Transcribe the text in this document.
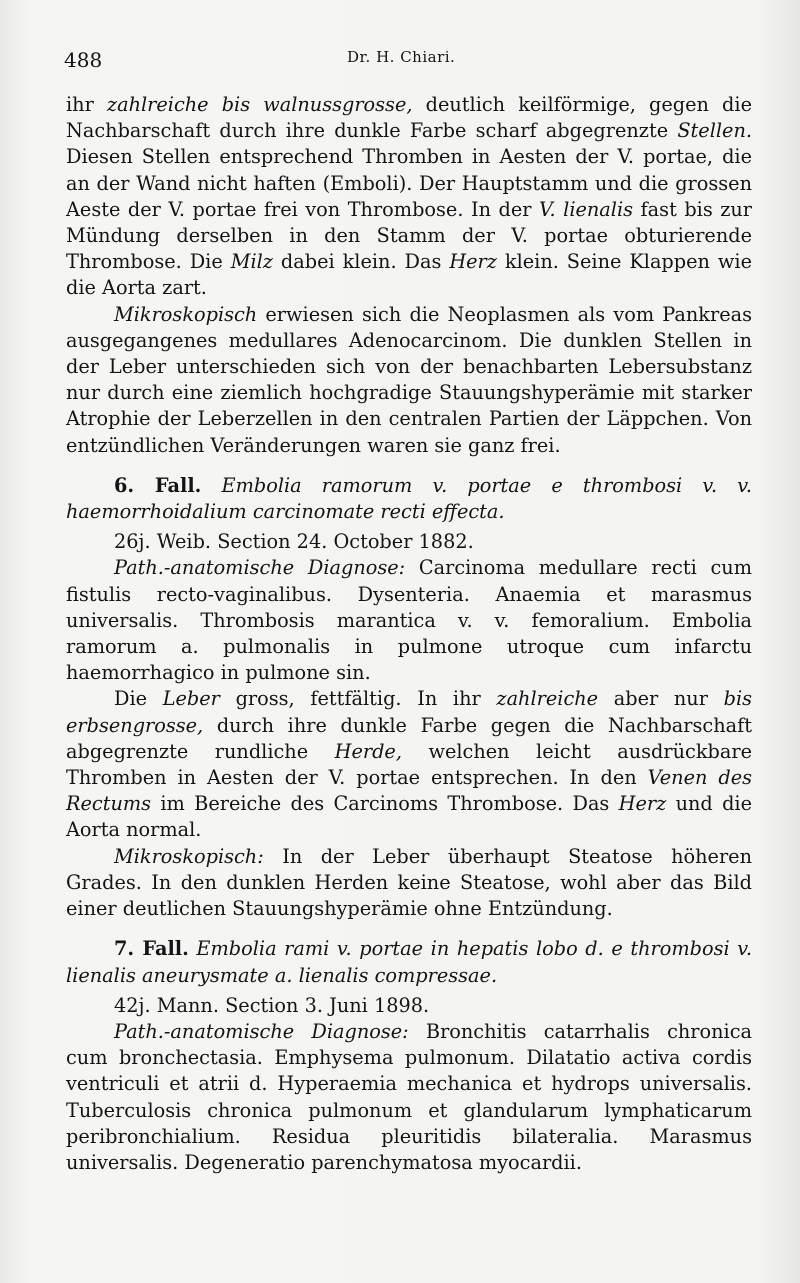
488	Dr. H. Chiari.

ihr zahlreiche bis walnussgrosse, deutlich keilförmige, gegen die Nachbarschaft durch ihre dunkle Farbe scharf abgegrenzte Stellen. Diesen Stellen entsprechend Thromben in Aesten der V. portae, die an der Wand nicht haften (Emboli). Der Hauptstamm und die grossen Aeste der V. portae frei von Thrombose. In der V. lienalis fast bis zur Mündung derselben in den Stamm der V. portae obturierende Thrombose. Die Milz dabei klein. Das Herz klein. Seine Klappen wie die Aorta zart.

Mikroskopisch erwiesen sich die Neoplasmen als vom Pankreas ausgegangenes medullares Adenocarcinom. Die dunklen Stellen in der Leber unterschieden sich von der benachbarten Lebersubstanz nur durch eine ziemlich hochgradige Stauungshyperämie mit starker Atrophie der Leberzellen in den centralen Partien der Läppchen. Von entzündlichen Veränderungen waren sie ganz frei.

6. Fall. Embolia ramorum v. portae e thrombosi v. v. haemorrhoidalium carcinomate recti effecta.

26j. Weib. Section 24. October 1882.

Path.-anatomische Diagnose: Carcinoma medullare recti cum fistulis recto-vaginalibus. Dysenteria. Anaemia et marasmus universalis. Thrombosis marantica v. v. femoralium. Embolia ramorum a. pulmonalis in pulmone utroque cum infarctu haemorrhagico in pulmone sin.

Die Leber gross, fettfältig. In ihr zahlreiche aber nur bis erbsengrosse, durch ihre dunkle Farbe gegen die Nachbarschaft abgegrenzte rundliche Herde, welchen leicht ausdrückbare Thromben in Aesten der V. portae entsprechen. In den Venen des Rectums im Bereiche des Carcinoms Thrombose. Das Herz und die Aorta normal.

Mikroskopisch: In der Leber überhaupt Steatose höheren Grades. In den dunklen Herden keine Steatose, wohl aber das Bild einer deutlichen Stauungshyperämie ohne Entzündung.

7. Fall. Embolia rami v. portae in hepatis lobo d. e thrombosi v. lienalis aneurysmate a. lienalis compressae.

42j. Mann. Section 3. Juni 1898.

Path.-anatomische Diagnose: Bronchitis catarrhalis chronica cum bronchectasia. Emphysema pulmonum. Dilatatio activa cordis ventriculi et atrii d. Hyperaemia mechanica et hydrops universalis. Tuberculosis chronica pulmonum et glandularum lymphaticarum peribronchialium. Residua pleuritidis bilateralia. Marasmus universalis. Degeneratio parenchymatosa myocardii.
